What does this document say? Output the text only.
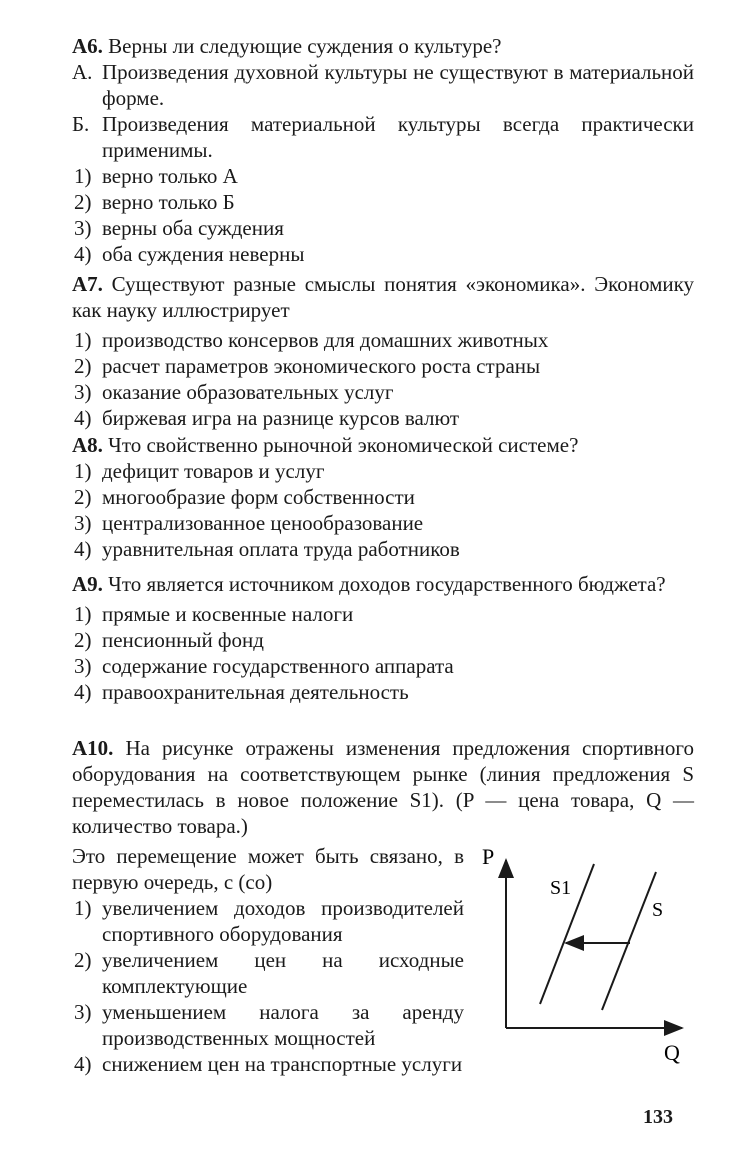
А6. Верны ли следующие суждения о культуре?
А. Произведения духовной культуры не существуют в материальной форме.
Б. Произведения материальной культуры всегда практически применимы.
1) верно только А
2) верно только Б
3) верны оба суждения
4) оба суждения неверны
А7. Существуют разные смыслы понятия «экономика». Экономику как науку иллюстрирует
1) производство консервов для домашних животных
2) расчет параметров экономического роста страны
3) оказание образовательных услуг
4) биржевая игра на разнице курсов валют
А8. Что свойственно рыночной экономической системе?
1) дефицит товаров и услуг
2) многообразие форм собственности
3) централизованное ценообразование
4) уравнительная оплата труда работников
А9. Что является источником доходов государственного бюджета?
1) прямые и косвенные налоги
2) пенсионный фонд
3) содержание государственного аппарата
4) правоохранительная деятельность
А10. На рисунке отражены изменения предложения спортивного оборудования на соответствующем рынке (линия предложения S переместилась в новое положение S1). (P — цена товара, Q — количество товара.)
Это перемещение может быть связано, в первую очередь, с (со)
1) увеличением доходов производителей спортивного оборудования
2) увеличением цен на исходные комплектующие
3) уменьшением налога за аренду производственных мощностей
4) снижением цен на транспортные услуги
P
Q
S1
S
133
